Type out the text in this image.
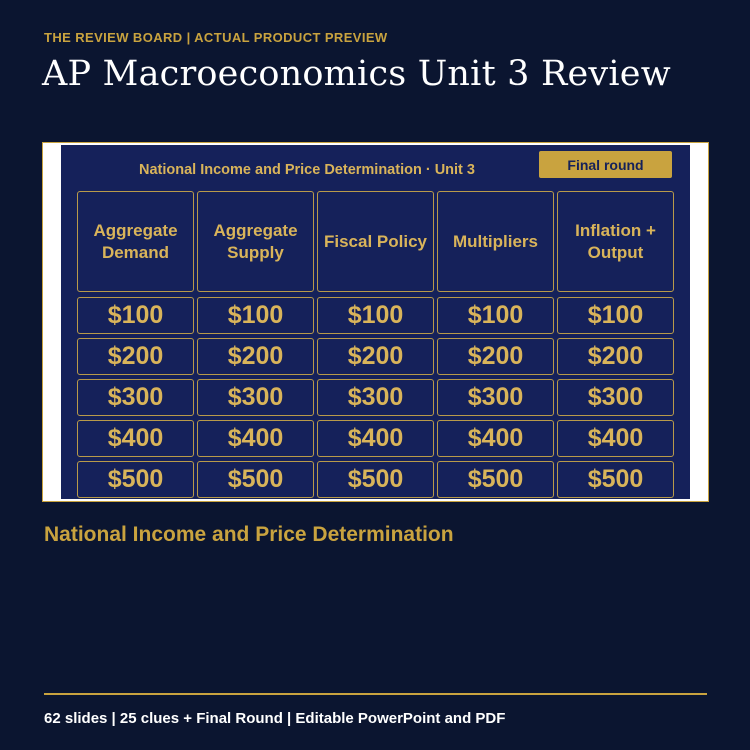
THE REVIEW BOARD | ACTUAL PRODUCT PREVIEW
AP Macroeconomics Unit 3 Review
National Income and Price Determination · Unit 3	Final round
Aggregate Demand
$100
$200
$300
$400
$500
Aggregate Supply
$100
$200
$300
$400
$500
Fiscal Policy
$100
$200
$300
$400
$500
Multipliers
$100
$200
$300
$400
$500
Inflation + Output
$100
$200
$300
$400
$500
National Income and Price Determination
62 slides | 25 clues + Final Round | Editable PowerPoint and PDF
